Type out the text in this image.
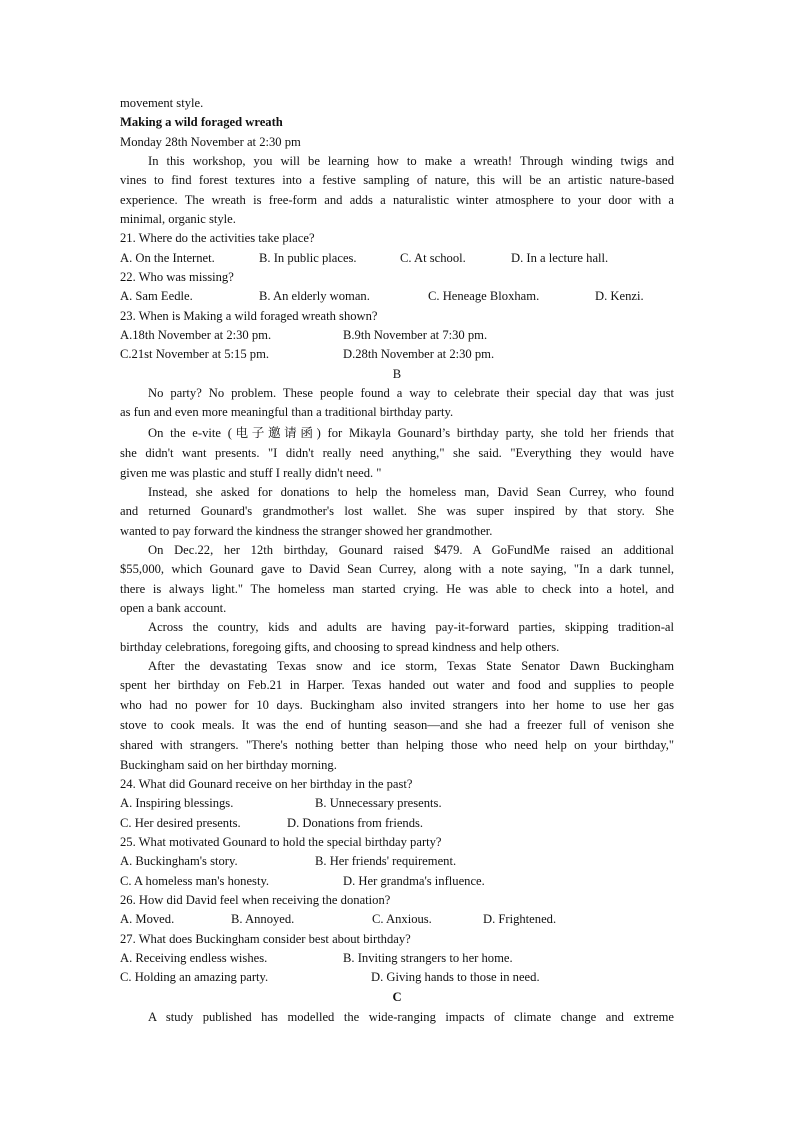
movement style.
Making a wild foraged wreath
Monday 28th November at 2:30 pm
In this workshop, you will be learning how to make a wreath! Through winding twigs and
vines to find forest textures into a festive sampling of nature, this will be an artistic nature-based
experience. The wreath is free-form and adds a naturalistic winter atmosphere to your door with a
minimal, organic style.
21. Where do the activities take place?
A. On the Internet.	B. In public places.	C. At school.	D. In a lecture hall.
22. Who was missing?
A. Sam Eedle.	B. An elderly woman.	C. Heneage Bloxham.	D. Kenzi.
23. When is Making a wild foraged wreath shown?
A.18th November at 2:30 pm.	B.9th November at 7:30 pm.
C.21st November at 5:15 pm.	D.28th November at 2:30 pm.
B
No party? No problem. These people found a way to celebrate their special day that was just
as fun and even more meaningful than a traditional birthday party.
On the e-vite (电子邀请函) for Mikayla Gounard’s birthday party, she told her friends that
she didn't want presents. "I didn't really need anything," she said. "Everything they would have
given me was plastic and stuff I really didn't need. "
Instead, she asked for donations to help the homeless man, David Sean Currey, who found
and returned Gounard's grandmother's lost wallet. She was super inspired by that story. She
wanted to pay forward the kindness the stranger showed her grandmother.
On Dec.22, her 12th birthday, Gounard raised $479. A GoFundMe raised an additional
$55,000, which Gounard gave to David Sean Currey, along with a note saying, "In a dark tunnel,
there is always light." The homeless man started crying. He was able to check into a hotel, and
open a bank account.
Across the country, kids and adults are having pay-it-forward parties, skipping tradition-al
birthday celebrations, foregoing gifts, and choosing to spread kindness and help others.
After the devastating Texas snow and ice storm, Texas State Senator Dawn Buckingham
spent her birthday on Feb.21 in Harper. Texas handed out water and food and supplies to people
who had no power for 10 days. Buckingham also invited strangers into her home to use her gas
stove to cook meals. It was the end of hunting season—and she had a freezer full of venison she
shared with strangers. "There's nothing better than helping those who need help on your birthday,"
Buckingham said on her birthday morning.
24. What did Gounard receive on her birthday in the past?
A. Inspiring blessings.	B. Unnecessary presents.
C. Her desired presents.	D. Donations from friends.
25. What motivated Gounard to hold the special birthday party?
A. Buckingham's story.	B. Her friends' requirement.
C. A homeless man's honesty.	D. Her grandma's influence.
26. How did David feel when receiving the donation?
A. Moved.	B. Annoyed.	C. Anxious.	D. Frightened.
27. What does Buckingham consider best about birthday?
A. Receiving endless wishes.	B. Inviting strangers to her home.
C. Holding an amazing party.	D. Giving hands to those in need.
C
A study published has modelled the wide-ranging impacts of climate change and extreme
